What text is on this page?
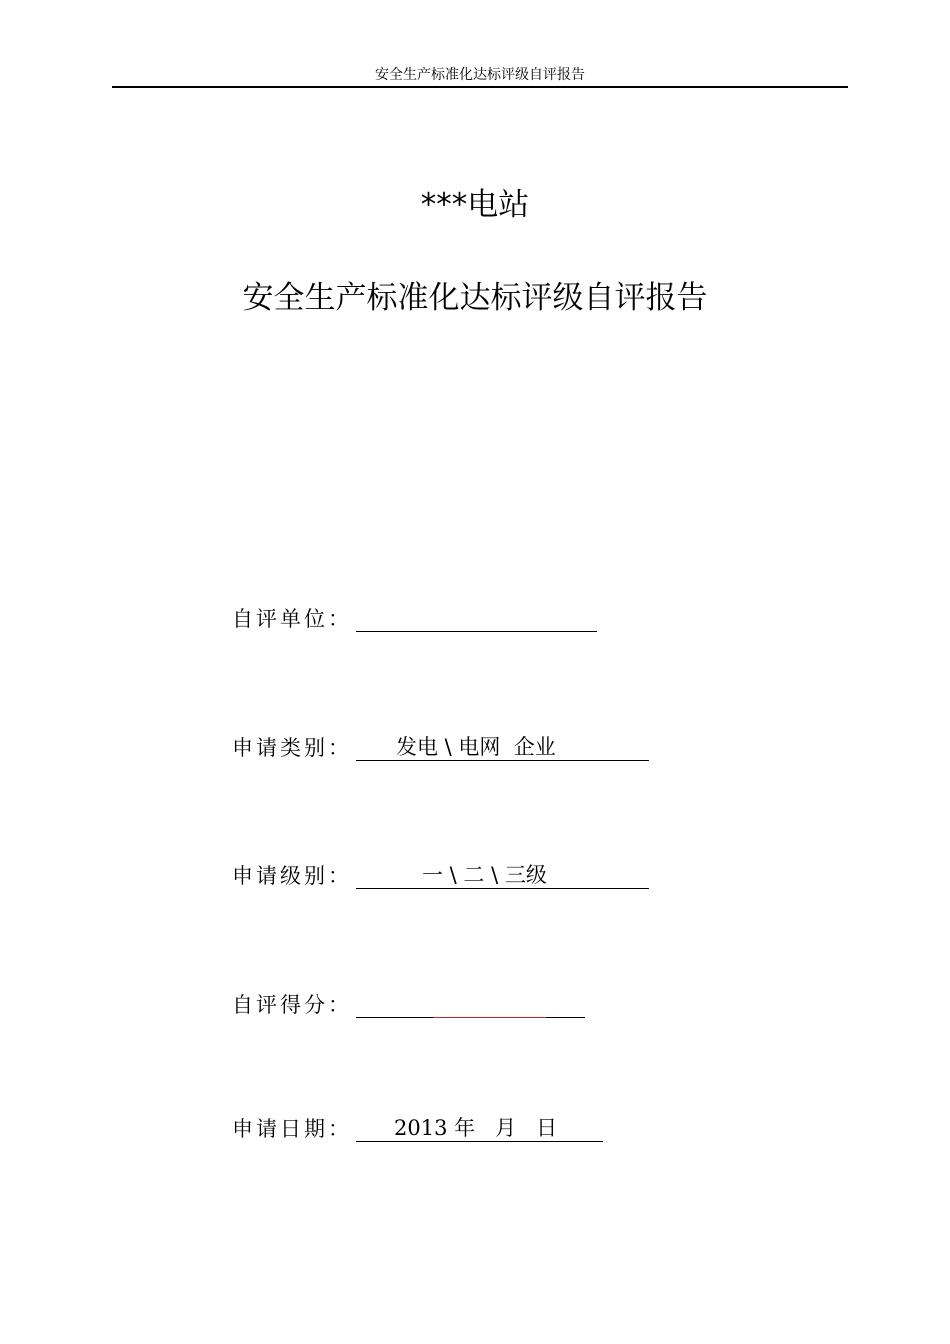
安全生产标准化达标评级自评报告
***电站
安全生产标准化达标评级自评报告
自评单位：
申请类别： 发电 \ 电网  企业
申请级别：	一 \ 二 \ 三级
自评得分：
申请日期： 2013 年   月   日
